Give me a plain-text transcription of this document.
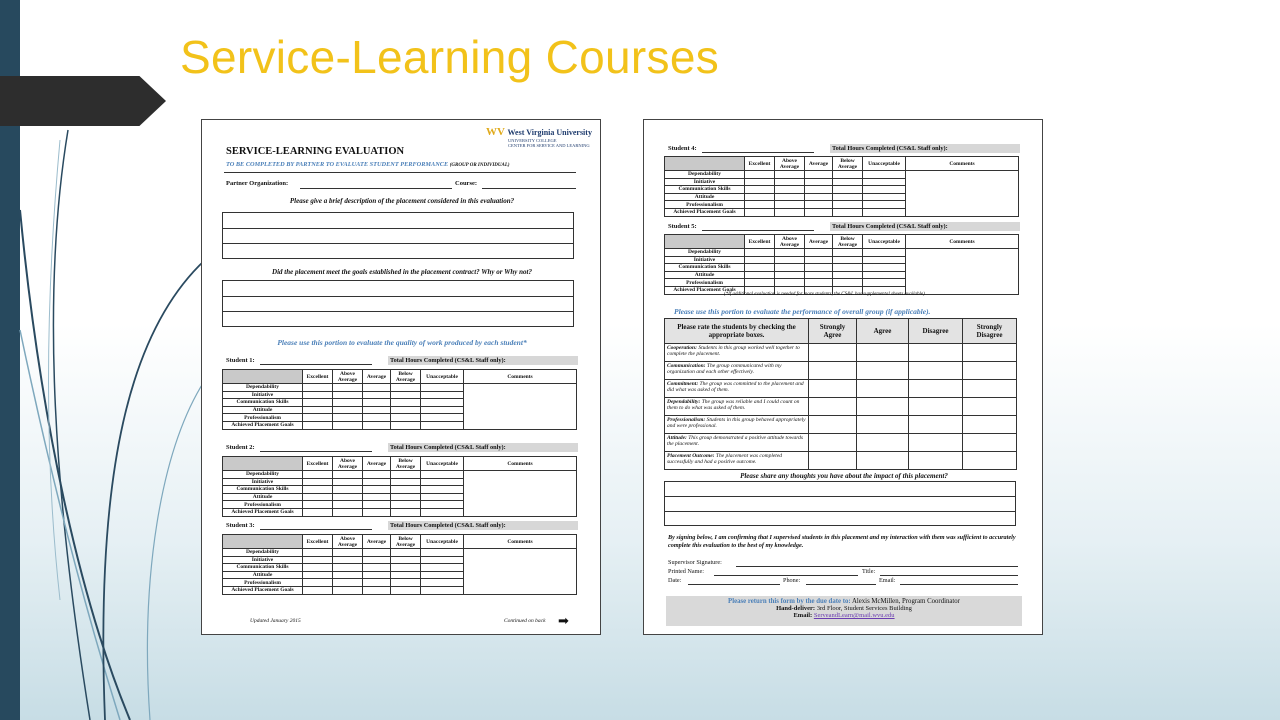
Service-Learning Courses
WV West Virginia University
UNIVERSITY COLLEGE
CENTER FOR SERVICE AND LEARNING
SERVICE-LEARNING EVALUATION
TO BE COMPLETED BY PARTNER TO EVALUATE STUDENT PERFORMANCE (GROUP OR INDIVIDUAL)
Partner Organization:	Course:
Please give a brief description of the placement considered in this evaluation?
Did the placement meet the goals established in the placement contract? Why or Why not?
Please use this portion to evaluate the quality of work produced by each student*
Student 1:	Total Hours Completed (CS&L Staff only):
	Excellent	Above Average	Average	Below Average	Unacceptable	Comments
Dependability						
Initiative						
Communication Skills						
Attitude						
Professionalism						
Achieved Placement Goals						
Student 2:	Total Hours Completed (CS&L Staff only):
	Excellent	Above Average	Average	Below Average	Unacceptable	Comments
Dependability						
Initiative						
Communication Skills						
Attitude						
Professionalism						
Achieved Placement Goals						
Student 3:	Total Hours Completed (CS&L Staff only):
	Excellent	Above Average	Average	Below Average	Unacceptable	Comments
Dependability						
Initiative						
Communication Skills						
Attitude						
Professionalism						
Achieved Placement Goals						
Updated January 2015	Continued on back ➡
Student 4:	Total Hours Completed (CS&L Staff only):
	Excellent	Above Average	Average	Below Average	Unacceptable	Comments
Dependability						
Initiative						
Communication Skills						
Attitude						
Professionalism						
Achieved Placement Goals						
Student 5:	Total Hours Completed (CS&L Staff only):
	Excellent	Above Average	Average	Below Average	Unacceptable	Comments
Dependability						
Initiative						
Communication Skills						
Attitude						
Professionalism						
Achieved Placement Goals						
(*If additional evaluation is needed for more students, the CS&L has supplemental sheets available)
Please use this portion to evaluate the performance of overall group (if applicable).
Please rate the students by checking the appropriate boxes.	Strongly Agree	Agree	Disagree	Strongly Disagree
Cooperation: Students in this group worked well together to complete the placement.				
Communication: The group communicated with my organization and each other effectively.				
Commitment: The group was committed to the placement and did what was asked of them.				
Dependability: The group was reliable and I could count on them to do what was asked of them.				
Professionalism: Students in this group behaved appropriately and were professional.				
Attitude: This group demonstrated a positive attitude towards the placement.				
Placement Outcome: The placement was completed successfully and had a positive outcome.				
Please share any thoughts you have about the impact of this placement?
By signing below, I am confirming that I supervised students in this placement and my interaction with them was sufficient to accurately complete this evaluation to the best of my knowledge.
Supervisor Signature:
Printed Name:	Title:
Date:	Phone:	Email:
Please return this form by the due date to: Alexis McMillen, Program Coordinator
Hand-deliver: 3rd Floor, Student Services Building
Email: ServeandLearn@mail.wvu.edu
